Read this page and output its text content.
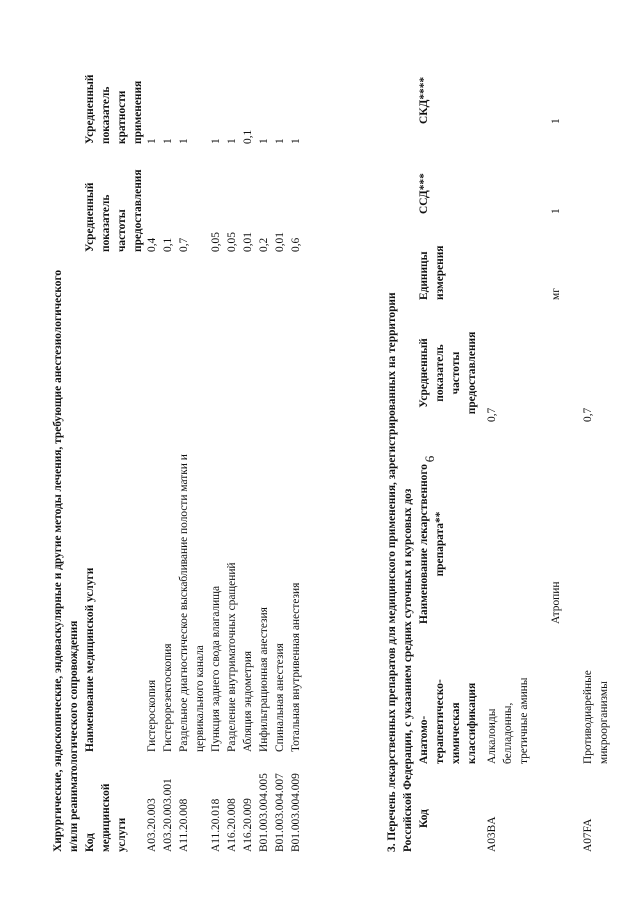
6
Хирургические, эндоскопические, эндоваскулярные и другие методы лечения, требующие анестезиологического и/или реаниматологического сопровождения Код медицинской услуги
Наименование медицинской услуги
Усредненный показатель частоты предоставления
Усредненный показатель кратности применения
A03.20.003
Гистероскопия
0,4
1
A03.20.003.001
Гистерорезектоскопия
0,1
1
A11.20.008
Раздельное диагностическое выскабливание полости матки и
0,7
1
цервикального канала
A11.20.018
Пункция заднего свода влагалища
0,05
1
A16.20.008
Разделение внутриматочных сращений
0,05
1
A16.20.009
Абляция эндометрия
0,01
0,1
B01.003.004.005
Инфильтрационная анестезия
0,2
1
B01.003.004.007
Спинальная анестезия
0,01
1
B01.003.004.009
Тотальная внутривенная анестезия
0,6
1
3. Перечень лекарственных препаратов для медицинского применения, зарегистрированных на территории Российской Федерации, с указанием средних суточных и курсовых доз Код
Анатомо-терапевтическо-химическая классификация
Наименование лекарственного препарата**
Усредненный показатель частоты предоставления
Единицы измерения
ССД***
СКД****
A03BA
Алкалоиды белладонны, третичные амины
0,7
Атропин
мг
1
1
A07FA
Противодиарейные микроорганизмы
0,7
